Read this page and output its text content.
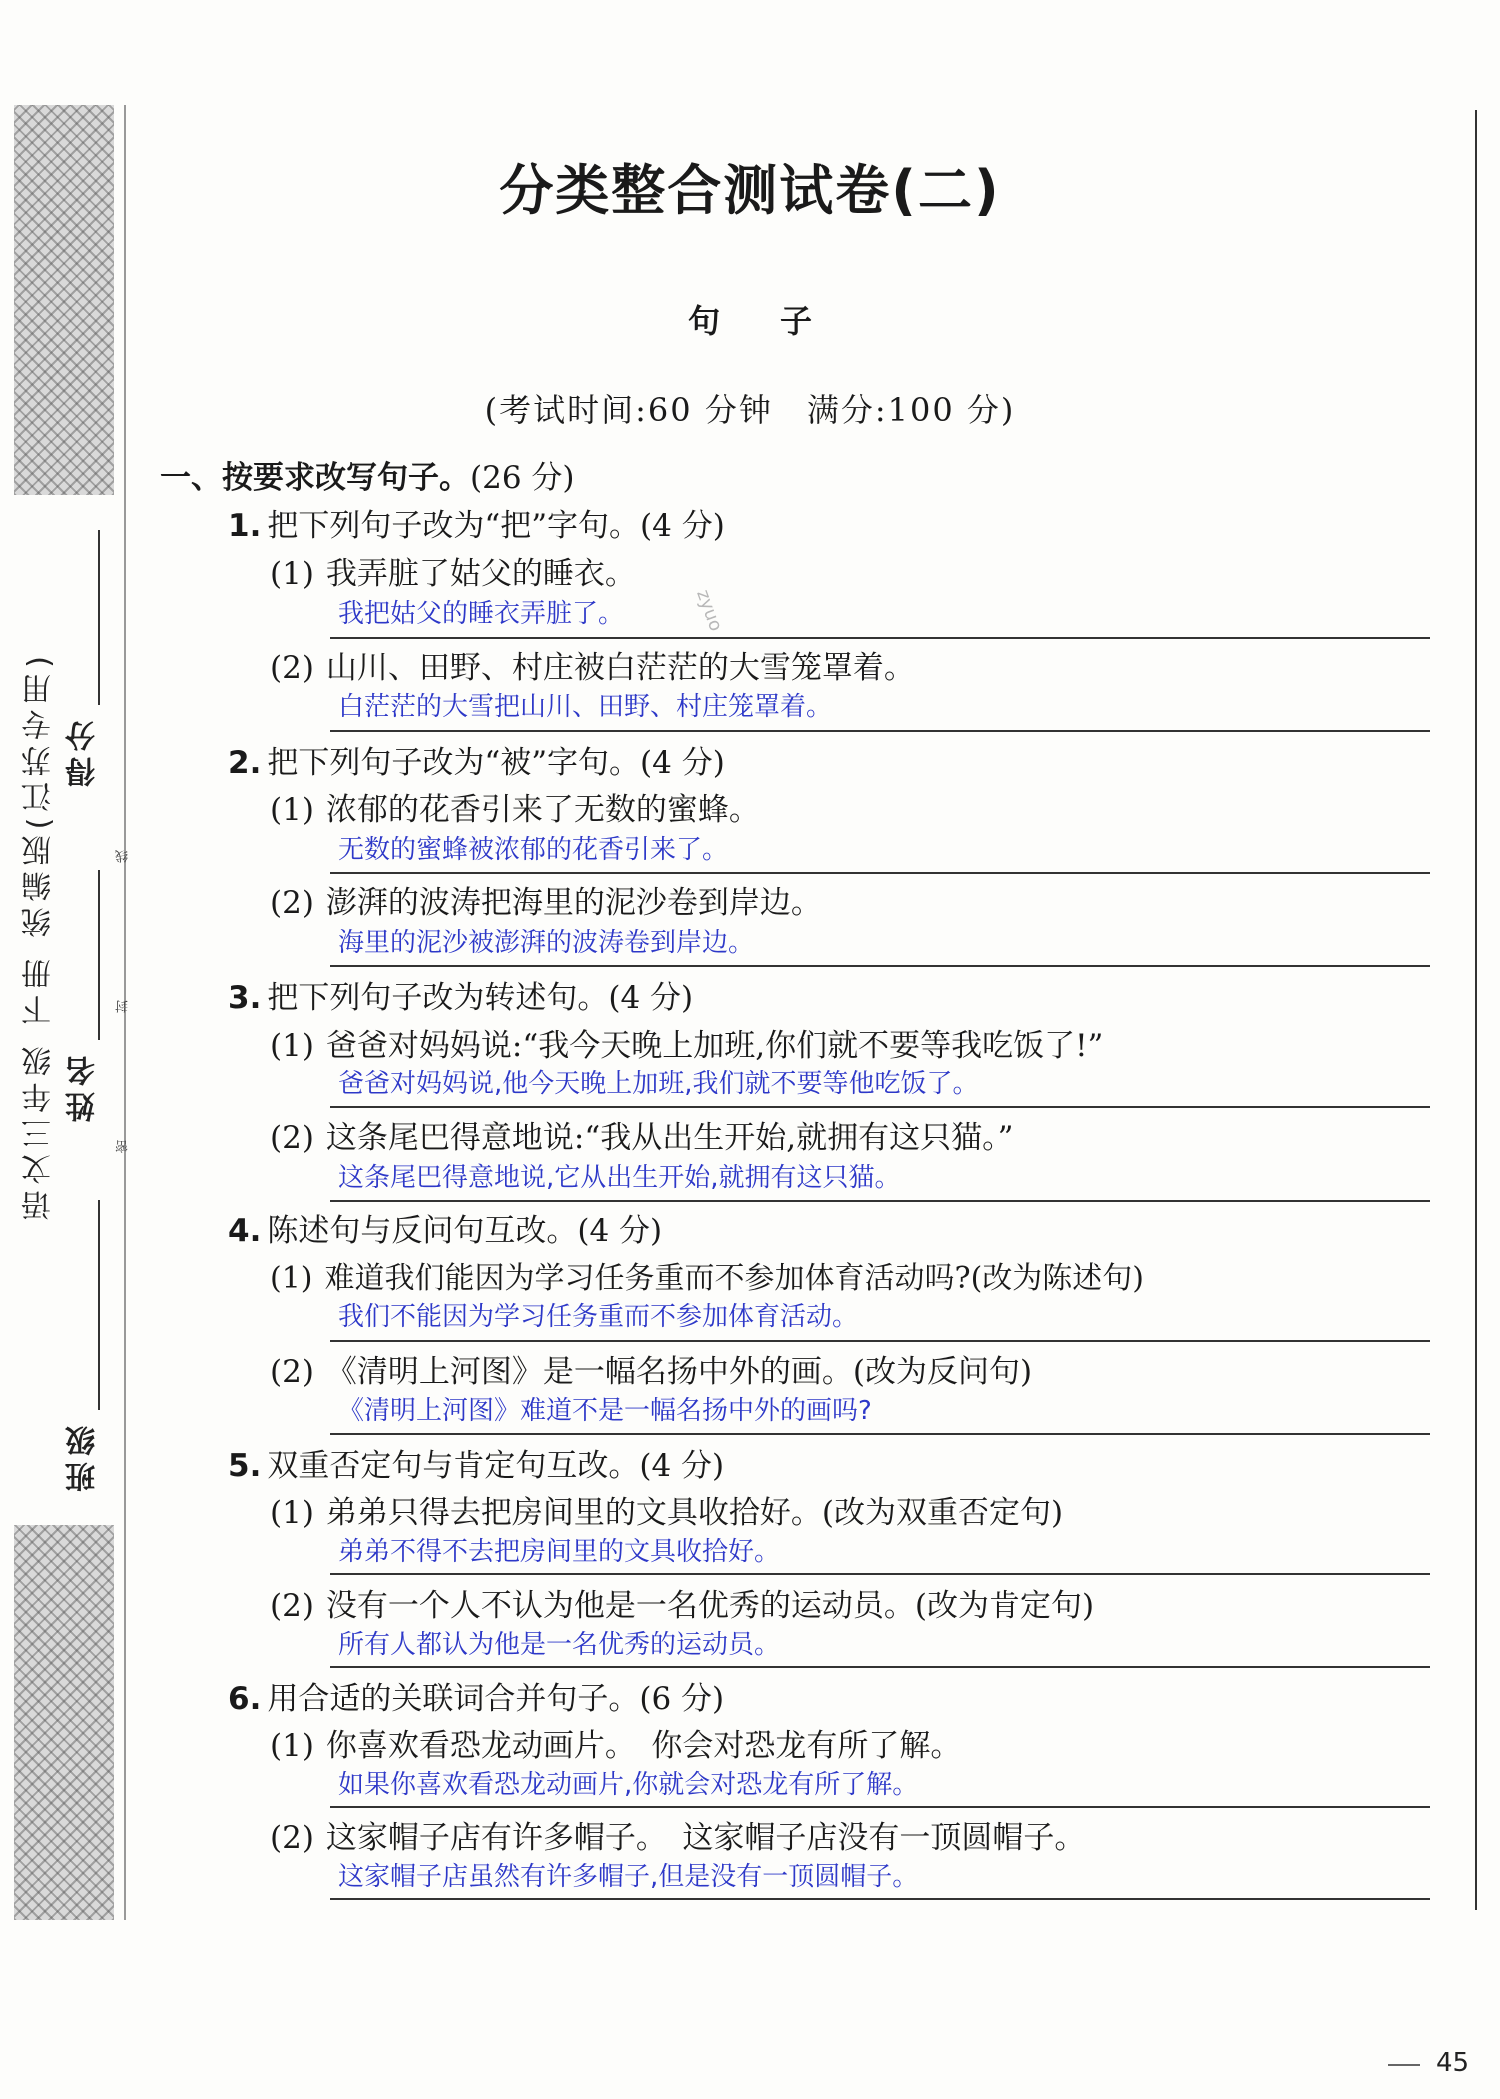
语文三年级 下册 统编版(江苏专用)
班级
姓名
得分
密
封
线
分类整合测试卷(二)
句子
(考试时间:60 分钟　满分:100 分)
一、按要求改写句子。(26 分)
zyuo
1. 把下列句子改为“把”字句。(4 分)
(1) 我弄脏了姑父的睡衣。
我把姑父的睡衣弄脏了。
(2) 山川、田野、村庄被白茫茫的大雪笼罩着。
白茫茫的大雪把山川、田野、村庄笼罩着。
2. 把下列句子改为“被”字句。(4 分)
(1) 浓郁的花香引来了无数的蜜蜂。
无数的蜜蜂被浓郁的花香引来了。
(2) 澎湃的波涛把海里的泥沙卷到岸边。
海里的泥沙被澎湃的波涛卷到岸边。
3. 把下列句子改为转述句。(4 分)
(1) 爸爸对妈妈说:“我今天晚上加班,你们就不要等我吃饭了!”
爸爸对妈妈说,他今天晚上加班,我们就不要等他吃饭了。
(2) 这条尾巴得意地说:“我从出生开始,就拥有这只猫。”
这条尾巴得意地说,它从出生开始,就拥有这只猫。
4. 陈述句与反问句互改。(4 分)
(1) 难道我们能因为学习任务重而不参加体育活动吗?(改为陈述句)
我们不能因为学习任务重而不参加体育活动。
(2) 《清明上河图》是一幅名扬中外的画。(改为反问句)
《清明上河图》难道不是一幅名扬中外的画吗?
5. 双重否定句与肯定句互改。(4 分)
(1) 弟弟只得去把房间里的文具收拾好。(改为双重否定句)
弟弟不得不去把房间里的文具收拾好。
(2) 没有一个人不认为他是一名优秀的运动员。(改为肯定句)
所有人都认为他是一名优秀的运动员。
6. 用合适的关联词合并句子。(6 分)
(1) 你喜欢看恐龙动画片。　你会对恐龙有所了解。
如果你喜欢看恐龙动画片,你就会对恐龙有所了解。
(2) 这家帽子店有许多帽子。　这家帽子店没有一顶圆帽子。
这家帽子店虽然有许多帽子,但是没有一顶圆帽子。
45
